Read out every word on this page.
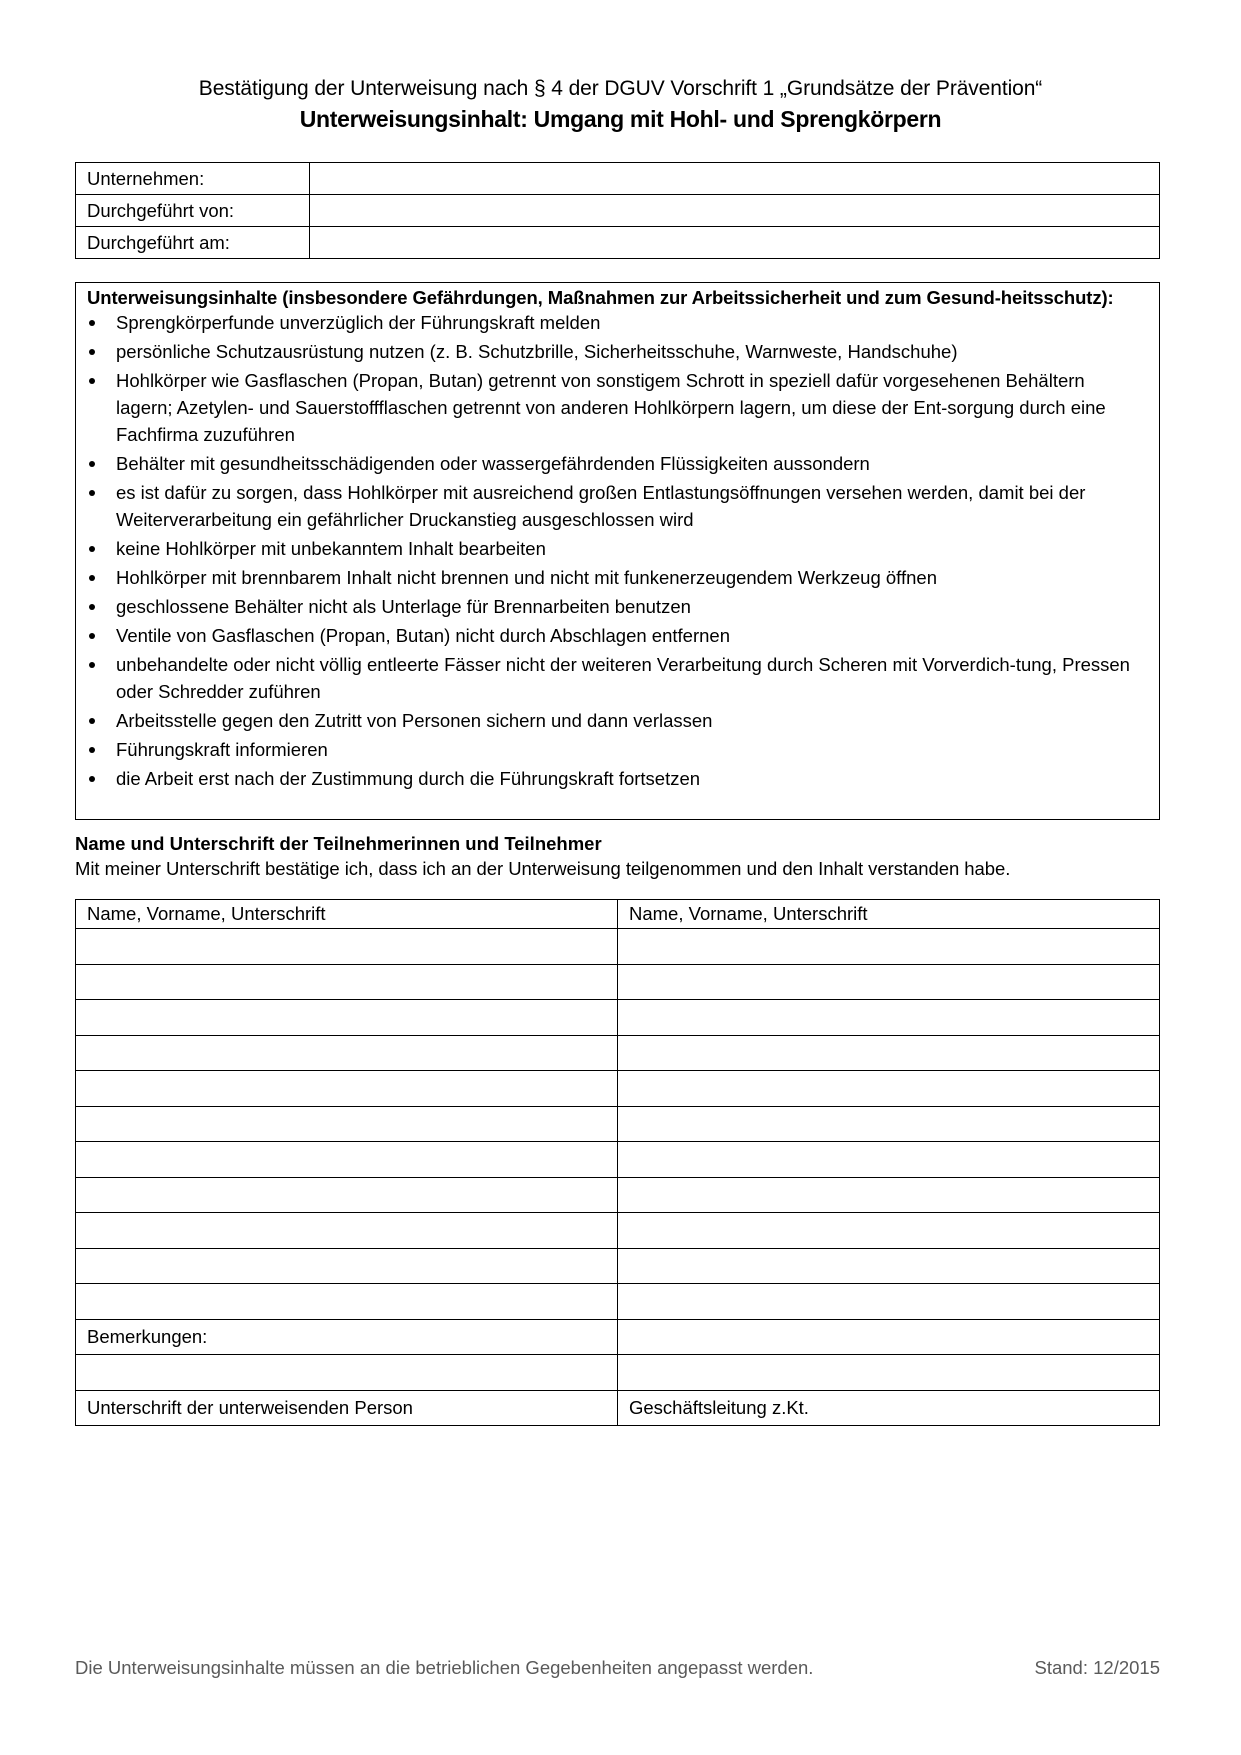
Bestätigung der Unterweisung nach § 4 der DGUV Vorschrift 1 „Grundsätze der Prävention“
Unterweisungsinhalt: Umgang mit Hohl- und Sprengkörpern
Unternehmen:	
Durchgeführt von:	
Durchgeführt am:	
Unterweisungsinhalte (insbesondere Gefährdungen, Maßnahmen zur Arbeitssicherheit und zum Gesund-heitsschutz):
Sprengkörperfunde unverzüglich der Führungskraft melden
persönliche Schutzausrüstung nutzen (z. B. Schutzbrille, Sicherheitsschuhe, Warnweste, Handschuhe)
Hohlkörper wie Gasflaschen (Propan, Butan) getrennt von sonstigem Schrott in speziell dafür vorgesehenen Behältern lagern; Azetylen- und Sauerstoffflaschen getrennt von anderen Hohlkörpern lagern, um diese der Ent-sorgung durch eine Fachfirma zuzuführen
Behälter mit gesundheitsschädigenden oder wassergefährdenden Flüssigkeiten aussondern
es ist dafür zu sorgen, dass Hohlkörper mit ausreichend großen Entlastungsöffnungen versehen werden, damit bei der Weiterverarbeitung ein gefährlicher Druckanstieg ausgeschlossen wird
keine Hohlkörper mit unbekanntem Inhalt bearbeiten
Hohlkörper mit brennbarem Inhalt nicht brennen und nicht mit funkenerzeugendem Werkzeug öffnen
geschlossene Behälter nicht als Unterlage für Brennarbeiten benutzen
Ventile von Gasflaschen (Propan, Butan) nicht durch Abschlagen entfernen
unbehandelte oder nicht völlig entleerte Fässer nicht der weiteren Verarbeitung durch Scheren mit Vorverdich-tung, Pressen oder Schredder zuführen
Arbeitsstelle gegen den Zutritt von Personen sichern und dann verlassen
Führungskraft informieren
die Arbeit erst nach der Zustimmung durch die Führungskraft fortsetzen
Name und Unterschrift der Teilnehmerinnen und Teilnehmer
Mit meiner Unterschrift bestätige ich, dass ich an der Unterweisung teilgenommen und den Inhalt verstanden habe.
Name, Vorname, Unterschrift	Name, Vorname, Unterschrift

Bemerkungen:	

Unterschrift der unterweisenden Person	Geschäftsleitung z.Kt.
Die Unterweisungsinhalte müssen an die betrieblichen Gegebenheiten angepasst werden.	Stand: 12/2015
